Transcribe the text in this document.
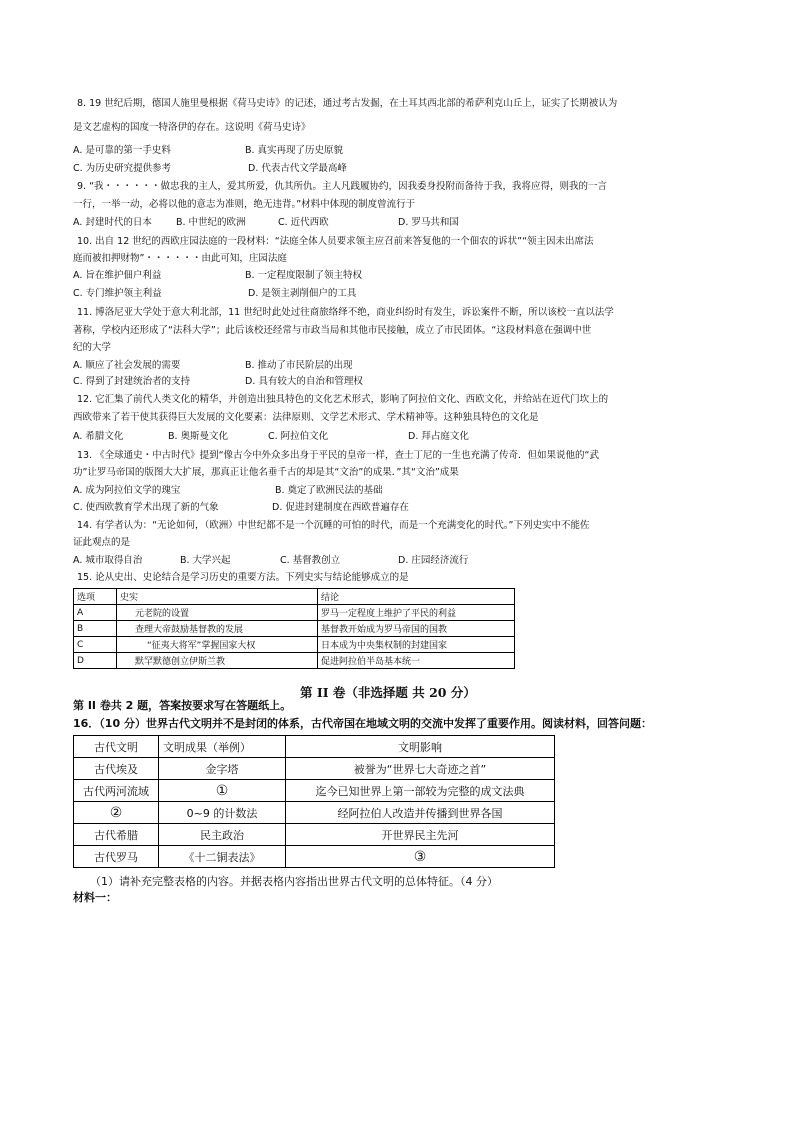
8. 19 世纪后期，德国人施里曼根据《荷马史诗》的记述，通过考古发掘，在土耳其西北部的希萨利克山丘上，证实了长期被认为
是文艺虚构的国度一特洛伊的存在。这说明《荷马史诗》
A. 是可靠的第一手史料	B. 真实再现了历史原貌
C. 为历史研究提供参考	D. 代表古代文学最高峰
9. “我・・・・・・做忠我的主人，爱其所爱，仇其所仇。主人凡践履协约，因我委身投附而备待于我，我将应得，则我的一言
一行，一举一动，必将以他的意志为准则，绝无违背。”材料中体现的制度曾流行于
A. 封建时代的日本	B. 中世纪的欧洲	C. 近代西欧	D. 罗马共和国
10. 出自 12 世纪的西欧庄园法庭的一段材料：“法庭全体人员要求领主应召前来答复他的一个佃农的诉状”“领主因未出席法
庭而被扣押财物”・・・・・・由此可知，庄园法庭
A. 旨在维护佃户利益	B. 一定程度限制了领主特权
C. 专门维护领主利益	D. 是领主剥削佃户的工具
11. 博洛尼亚大学处于意大利北部，11 世纪时此处过往商旅络绎不绝，商业纠纷时有发生，诉讼案件不断，所以该校一直以法学
著称，学校内还形成了“法科大学”；此后该校还经常与市政当局和其他市民接触，成立了市民团体。“这段材料意在强调中世
纪的大学
A. 顺应了社会发展的需要	B. 推动了市民阶层的出现
C. 得到了封建统治者的支持	D. 具有较大的自治和管理权
12. 它汇集了前代人类文化的精华，并创造出独具特色的文化艺术形式，影响了阿拉伯文化、西欧文化，并给站在近代门坎上的
西欧带来了若干使其获得巨大发展的文化要素：法律原则、文学艺术形式、学术精神等。这种独具特色的文化是
A. 希腊文化	B. 奥斯曼文化	C. 阿拉伯文化	D. 拜占庭文化
13. 《全球通史・中古时代》提到“像古今中外众多出身于平民的皇帝一样，查士丁尼的一生也充满了传奇．但如果说他的“武
功”让罗马帝国的版图大大扩展，那真正让他名垂千古的却是其“文治”的成果．”其“文治”成果
A. 成为阿拉伯文学的瑰宝	B. 奠定了欧洲民法的基础
C. 使西欧教育学术出现了新的气象	D. 促进封建制度在西欧普遍存在
14. 有学者认为：“无论如何，（欧洲）中世纪都不是一个沉睡的可怕的时代，而是一个充满变化的时代。”下列史实中不能佐
证此观点的是
A. 城市取得自治	B. 大学兴起	C. 基督教创立	D. 庄园经济流行
15. 论从史出、史论结合是学习历史的重要方法。下列史实与结论能够成立的是
选项	史实	结论
A	元老院的设置	罗马一定程度上维护了平民的利益
B	查理大帝鼓励基督教的发展	基督教开始成为罗马帝国的国教
C	“征夷大将军”掌握国家大权	日本成为中央集权制的封建国家
D	默罕默德创立伊斯兰教	促进阿拉伯半岛基本统一
第 II 卷（非选择题 共 20 分）
第 II 卷共 2 题，答案按要求写在答题纸上。
16．（10 分）世界古代文明并不是封闭的体系，古代帝国在地域文明的交流中发挥了重要作用。阅读材料，回答问题：
古代文明	文明成果（举例）	文明影响
古代埃及	金字塔	被誉为“世界七大奇迹之首”
古代两河流域	①	迄今已知世界上第一部较为完整的成文法典
②	0~9 的计数法	经阿拉伯人改造并传播到世界各国
古代希腊	民主政治	开世界民主先河
古代罗马	《十二铜表法》	③
（1）请补充完整表格的内容。并据表格内容指出世界古代文明的总体特征。（4 分）
材料一：
